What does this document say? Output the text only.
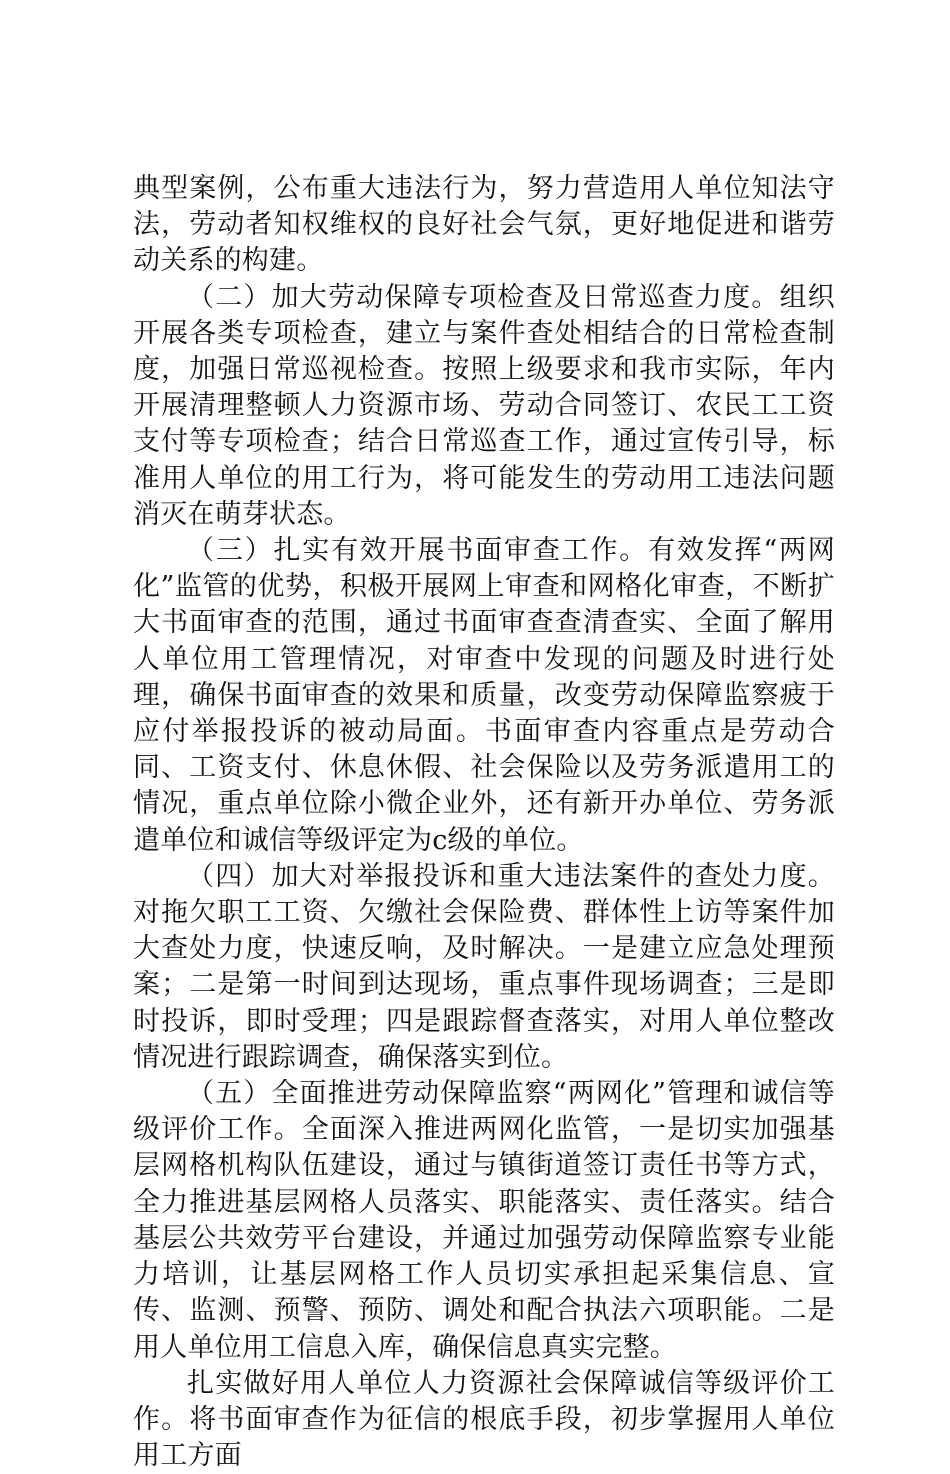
典型案例，公布重大违法行为，努力营造用人单位知法守法，劳动者知权维权的良好社会气氛，更好地促进和谐劳动关系的构建。

（二）加大劳动保障专项检查及日常巡查力度。组织开展各类专项检查，建立与案件查处相结合的日常检查制度，加强日常巡视检查。按照上级要求和我市实际，年内开展清理整顿人力资源市场、劳动合同签订、农民工工资支付等专项检查；结合日常巡查工作，通过宣传引导，标准用人单位的用工行为，将可能发生的劳动用工违法问题消灭在萌芽状态。

（三）扎实有效开展书面审查工作。有效发挥“两网化”监管的优势，积极开展网上审查和网格化审查，不断扩大书面审查的范围，通过书面审查查清查实、全面了解用人单位用工管理情况，对审查中发现的问题及时进行处理，确保书面审查的效果和质量，改变劳动保障监察疲于应付举报投诉的被动局面。书面审查内容重点是劳动合同、工资支付、休息休假、社会保险以及劳务派遣用工的情况，重点单位除小微企业外，还有新开办单位、劳务派遣单位和诚信等级评定为c级的单位。

（四）加大对举报投诉和重大违法案件的查处力度。对拖欠职工工资、欠缴社会保险费、群体性上访等案件加大查处力度，快速反响，及时解决。一是建立应急处理预案；二是第一时间到达现场，重点事件现场调查；三是即时投诉，即时受理；四是跟踪督查落实，对用人单位整改情况进行跟踪调查，确保落实到位。

（五）全面推进劳动保障监察“两网化”管理和诚信等级评价工作。全面深入推进两网化监管，一是切实加强基层网格机构队伍建设，通过与镇街道签订责任书等方式，全力推进基层网格人员落实、职能落实、责任落实。结合基层公共效劳平台建设，并通过加强劳动保障监察专业能力培训，让基层网格工作人员切实承担起采集信息、宣传、监测、预警、预防、调处和配合执法六项职能。二是用人单位用工信息入库，确保信息真实完整。

扎实做好用人单位人力资源社会保障诚信等级评价工作。将书面审查作为征信的根底手段，初步掌握用人单位用工方面
